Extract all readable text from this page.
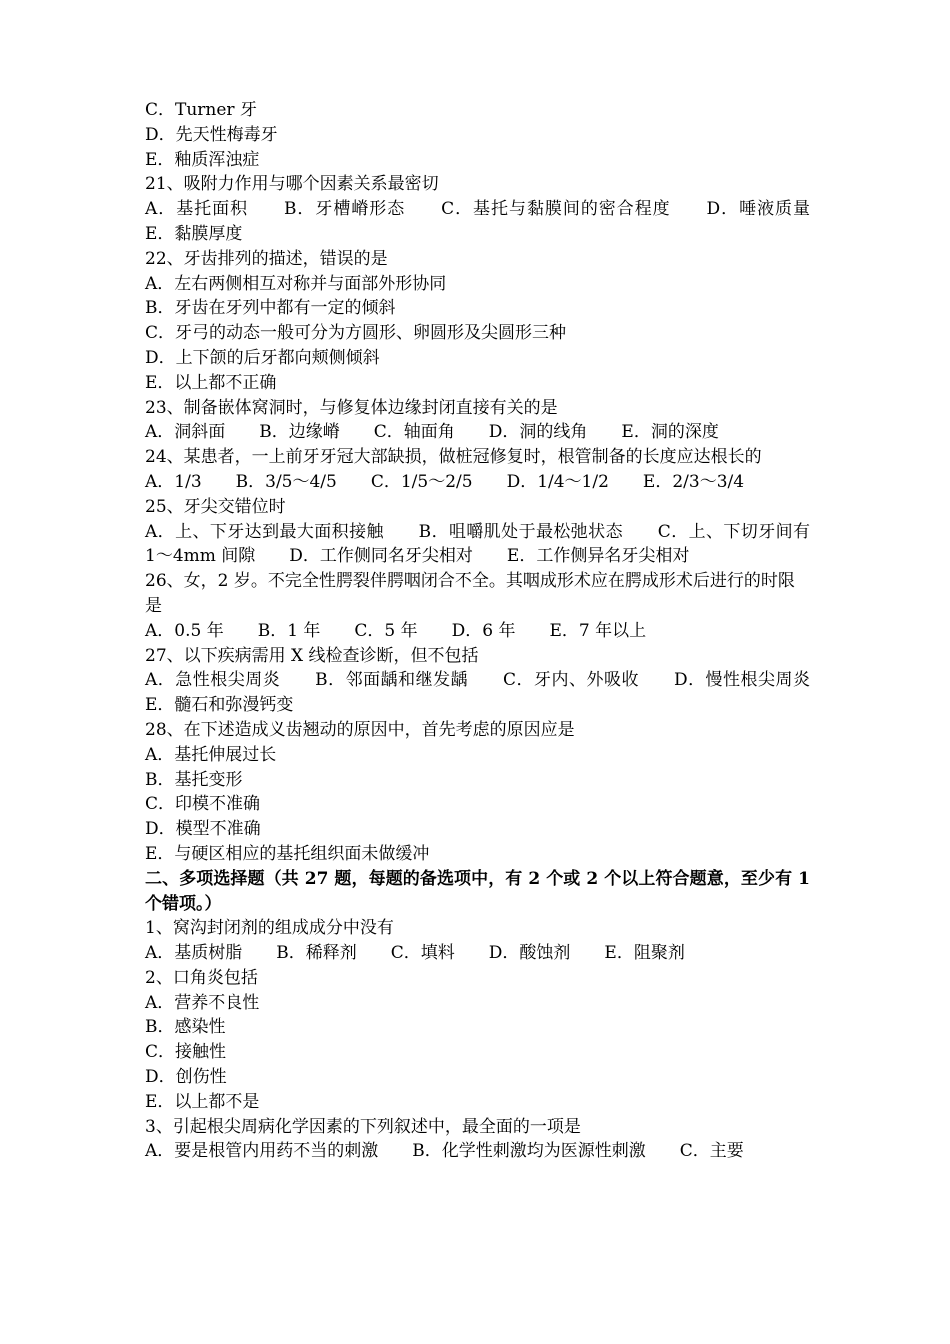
C．Turner 牙
D．先天性梅毒牙
E．釉质浑浊症
21、吸附力作用与哪个因素关系最密切
A．基托面积　　B．牙槽嵴形态　　C．基托与黏膜间的密合程度　　D．唾液质量　　E．黏膜厚度
22、牙齿排列的描述，错误的是
A．左右两侧相互对称并与面部外形协同
B．牙齿在牙列中都有一定的倾斜
C．牙弓的动态一般可分为方圆形、卵圆形及尖圆形三种
D．上下颌的后牙都向颊侧倾斜
E．以上都不正确
23、制备嵌体窝洞时，与修复体边缘封闭直接有关的是
A．洞斜面　　B．边缘嵴　　C．轴面角　　D．洞的线角　　E．洞的深度
24、某患者，一上前牙牙冠大部缺损，做桩冠修复时，根管制备的长度应达根长的
A．1/3　　B．3/5～4/5　　C．1/5～2/5　　D．1/4～1/2　　E．2/3～3/4
25、牙尖交错位时
A．上、下牙达到最大面积接触　　B．咀嚼肌处于最松弛状态　　C．上、下切牙间有 1～4mm 间隙　　D．工作侧同名牙尖相对　　E．工作侧异名牙尖相对
26、女，2 岁。不完全性腭裂伴腭咽闭合不全。其咽成形术应在腭成形术后进行的时限是
A．0.5 年　　B．1 年　　C．5 年　　D．6 年　　E．7 年以上
27、以下疾病需用 X 线检查诊断，但不包括
A．急性根尖周炎　　B．邻面龋和继发龋　　C．牙内、外吸收　　D．慢性根尖周炎　　E．髓石和弥漫钙变
28、在下述造成义齿翘动的原因中，首先考虑的原因应是
A．基托伸展过长
B．基托变形
C．印模不准确
D．模型不准确
E．与硬区相应的基托组织面未做缓冲
二、多项选择题（共 27 题，每题的备选项中，有 2 个或 2 个以上符合题意，至少有 1 个错项。）
1、窝沟封闭剂的组成成分中没有
A．基质树脂　　B．稀释剂　　C．填料　　D．酸蚀剂　　E．阻聚剂
2、口角炎包括
A．营养不良性
B．感染性
C．接触性
D．创伤性
E．以上都不是
3、引起根尖周病化学因素的下列叙述中，最全面的一项是
A．要是根管内用药不当的刺激　　B．化学性刺激均为医源性刺激　　C．主要
